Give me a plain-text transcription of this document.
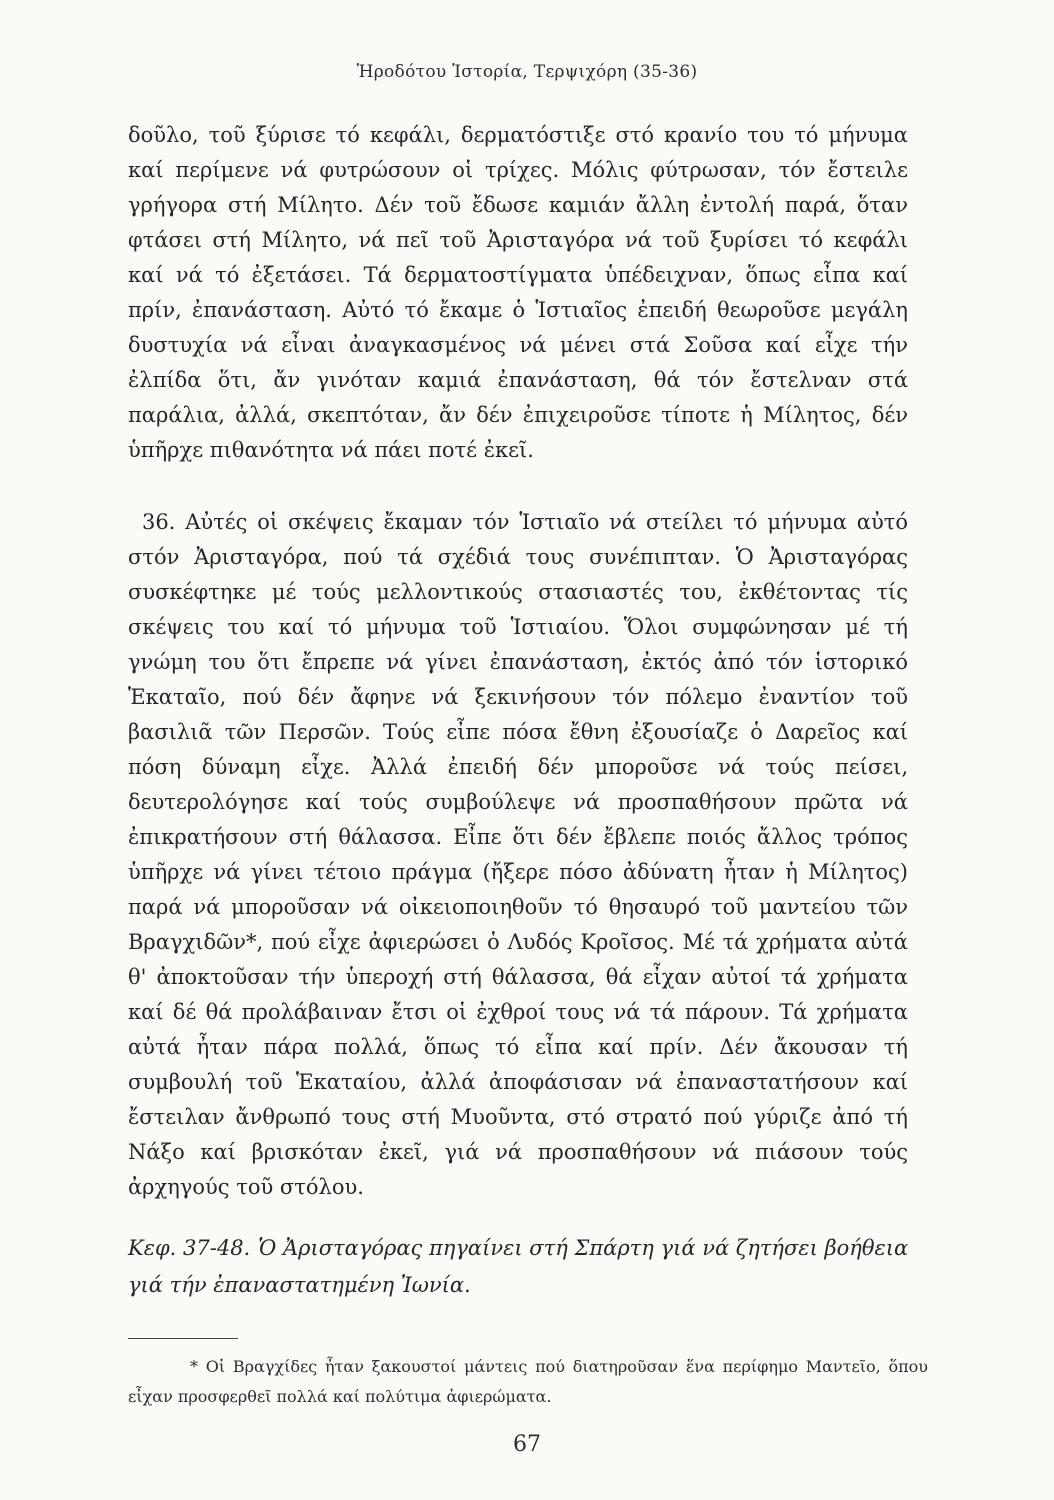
Ἡροδότου Ἱστορία, Τερψιχόρη (35-36)

δοῦλο, τοῦ ξύρισε τό κεφάλι, δερματόστιξε στό κρανίο του τό μήνυμα καί περίμενε νά φυτρώσουν οἱ τρίχες. Μόλις φύτρωσαν, τόν ἔστειλε γρήγορα στή Μίλητο. Δέν τοῦ ἔδωσε καμιάν ἄλλη ἐντολή παρά, ὅταν φτάσει στή Μίλητο, νά πεῖ τοῦ Ἀρισταγόρα νά τοῦ ξυρίσει τό κεφάλι καί νά τό ἐξετάσει. Τά δερματοστίγματα ὑπέδειχναν, ὅπως εἶπα καί πρίν, ἐπανάσταση. Αὐτό τό ἔκαμε ὁ Ἱστιαῖος ἐπειδή θεωροῦσε μεγάλη δυστυχία νά εἶναι ἀναγκασμένος νά μένει στά Σοῦσα καί εἶχε τήν ἐλπίδα ὅτι, ἄν γινόταν καμιά ἐπανάσταση, θά τόν ἔστελναν στά παράλια, ἀλλά, σκεπτόταν, ἄν δέν ἐπιχειροῦσε τίποτε ἡ Μίλητος, δέν ὑπῆρχε πιθανότητα νά πάει ποτέ ἐκεῖ.

36. Αὐτές οἱ σκέψεις ἔκαμαν τόν Ἱστιαῖο νά στείλει τό μήνυμα αὐτό στόν Ἀρισταγόρα, πού τά σχέδιά τους συνέπιπταν. Ὁ Ἀρισταγόρας συσκέφτηκε μέ τούς μελλοντικούς στασιαστές του, ἐκθέτοντας τίς σκέψεις του καί τό μήνυμα τοῦ Ἱστιαίου. Ὅλοι συμφώνησαν μέ τή γνώμη του ὅτι ἔπρεπε νά γίνει ἐπανάσταση, ἐκτός ἀπό τόν ἱστορικό Ἑκαταῖο, πού δέν ἄφηνε νά ξεκινήσουν τόν πόλεμο ἐναντίον τοῦ βασιλιᾶ τῶν Περσῶν. Τούς εἶπε πόσα ἔθνη ἐξουσίαζε ὁ Δαρεῖος καί πόση δύναμη εἶχε. Ἀλλά ἐπειδή δέν μποροῦσε νά τούς πείσει, δευτερολόγησε καί τούς συμβούλεψε νά προσπαθήσουν πρῶτα νά ἐπικρατήσουν στή θάλασσα. Εἶπε ὅτι δέν ἔβλεπε ποιός ἄλλος τρόπος ὑπῆρχε νά γίνει τέτοιο πράγμα (ἤξερε πόσο ἀδύνατη ἦταν ἡ Μίλητος) παρά νά μποροῦσαν νά οἰκειοποιηθοῦν τό θησαυρό τοῦ μαντείου τῶν Βραγχιδῶν*, πού εἶχε ἀφιερώσει ὁ Λυδός Κροῖσος. Μέ τά χρήματα αὐτά θ' ἀποκτοῦσαν τήν ὑπεροχή στή θάλασσα, θά εἶχαν αὐτοί τά χρήματα καί δέ θά προλάβαιναν ἔτσι οἱ ἐχθροί τους νά τά πάρουν. Τά χρήματα αὐτά ἦταν πάρα πολλά, ὅπως τό εἶπα καί πρίν. Δέν ἄκουσαν τή συμβουλή τοῦ Ἑκαταίου, ἀλλά ἀποφάσισαν νά ἐπαναστατήσουν καί ἔστειλαν ἄνθρωπό τους στή Μυοῦντα, στό στρατό πού γύριζε ἀπό τή Νάξο καί βρισκόταν ἐκεῖ, γιά νά προσπαθήσουν νά πιάσουν τούς ἀρχηγούς τοῦ στόλου.

Κεφ. 37-48. Ὁ Ἀρισταγόρας πηγαίνει στή Σπάρτη γιά νά ζητήσει βοήθεια γιά τήν ἐπαναστατημένη Ἰωνία.
* Οἱ Βραγχίδες ἦταν ξακουστοί μάντεις πού διατηροῦσαν ἕνα περίφημο Μαντεῖο, ὅπου εἶχαν προσφερθεῖ πολλά καί πολύτιμα ἀφιερώματα.
67
